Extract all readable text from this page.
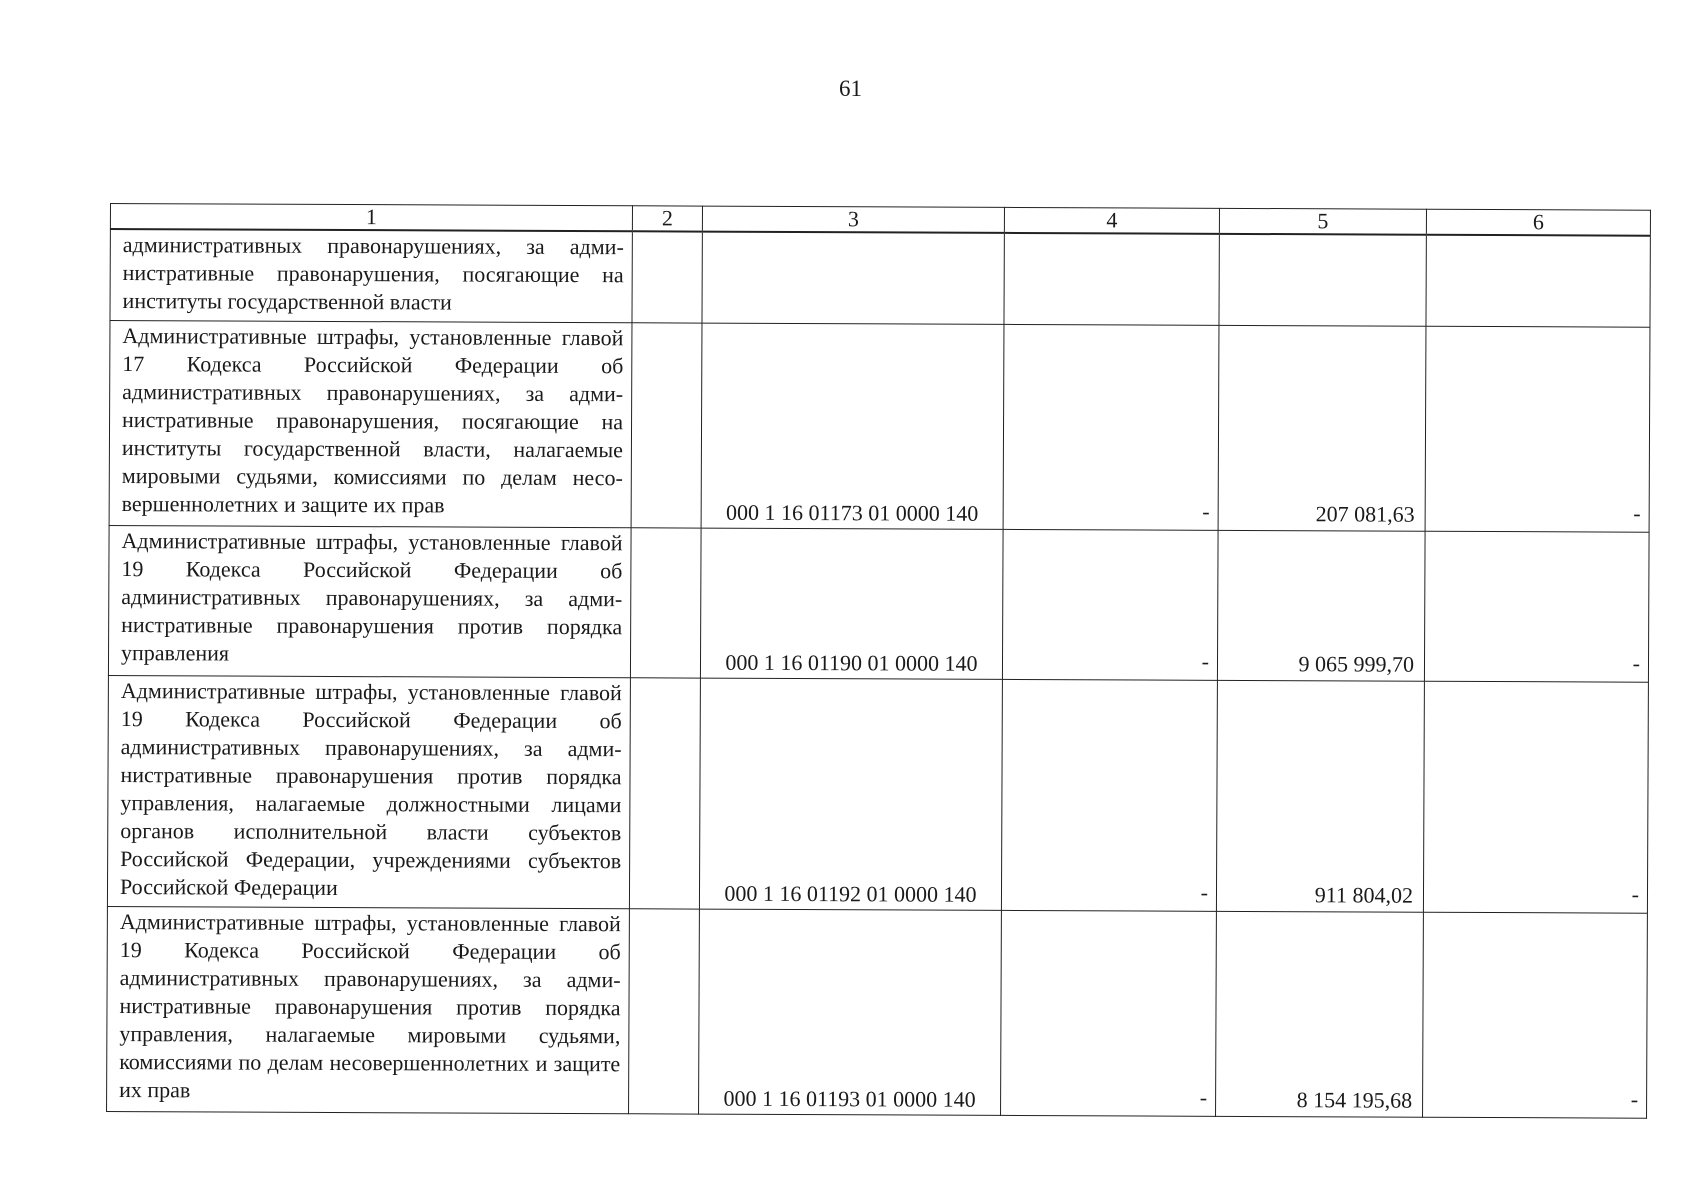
61
1	2	3	4	5	6
административных правонарушениях, за административные правонарушения, посягающие на институты государственной власти					
Административные штрафы, установленные главой 17 Кодекса Российской Федерации об административных правонарушениях, за административные правонарушения, посягающие на институты государственной власти, налагаемые мировыми судьями, комиссиями по делам несовершеннолетних и защите их прав		000 1 16 01173 01 0000 140	-	207 081,63	-
Административные штрафы, установленные главой 19 Кодекса Российской Федерации об административных правонарушениях, за административные правонарушения против порядка управления		000 1 16 01190 01 0000 140	-	9 065 999,70	-
Административные штрафы, установленные главой 19 Кодекса Российской Федерации об административных правонарушениях, за административные правонарушения против порядка управления, налагаемые должностными лицами органов исполнительной власти субъектов Российской Федерации, учреждениями субъектов Российской Федерации		000 1 16 01192 01 0000 140	-	911 804,02	-
Административные штрафы, установленные главой 19 Кодекса Российской Федерации об административных правонарушениях, за административные правонарушения против порядка управления, налагаемые мировыми судьями, комиссиями по делам несовершеннолетних и защите их прав		000 1 16 01193 01 0000 140	-	8 154 195,68	-
